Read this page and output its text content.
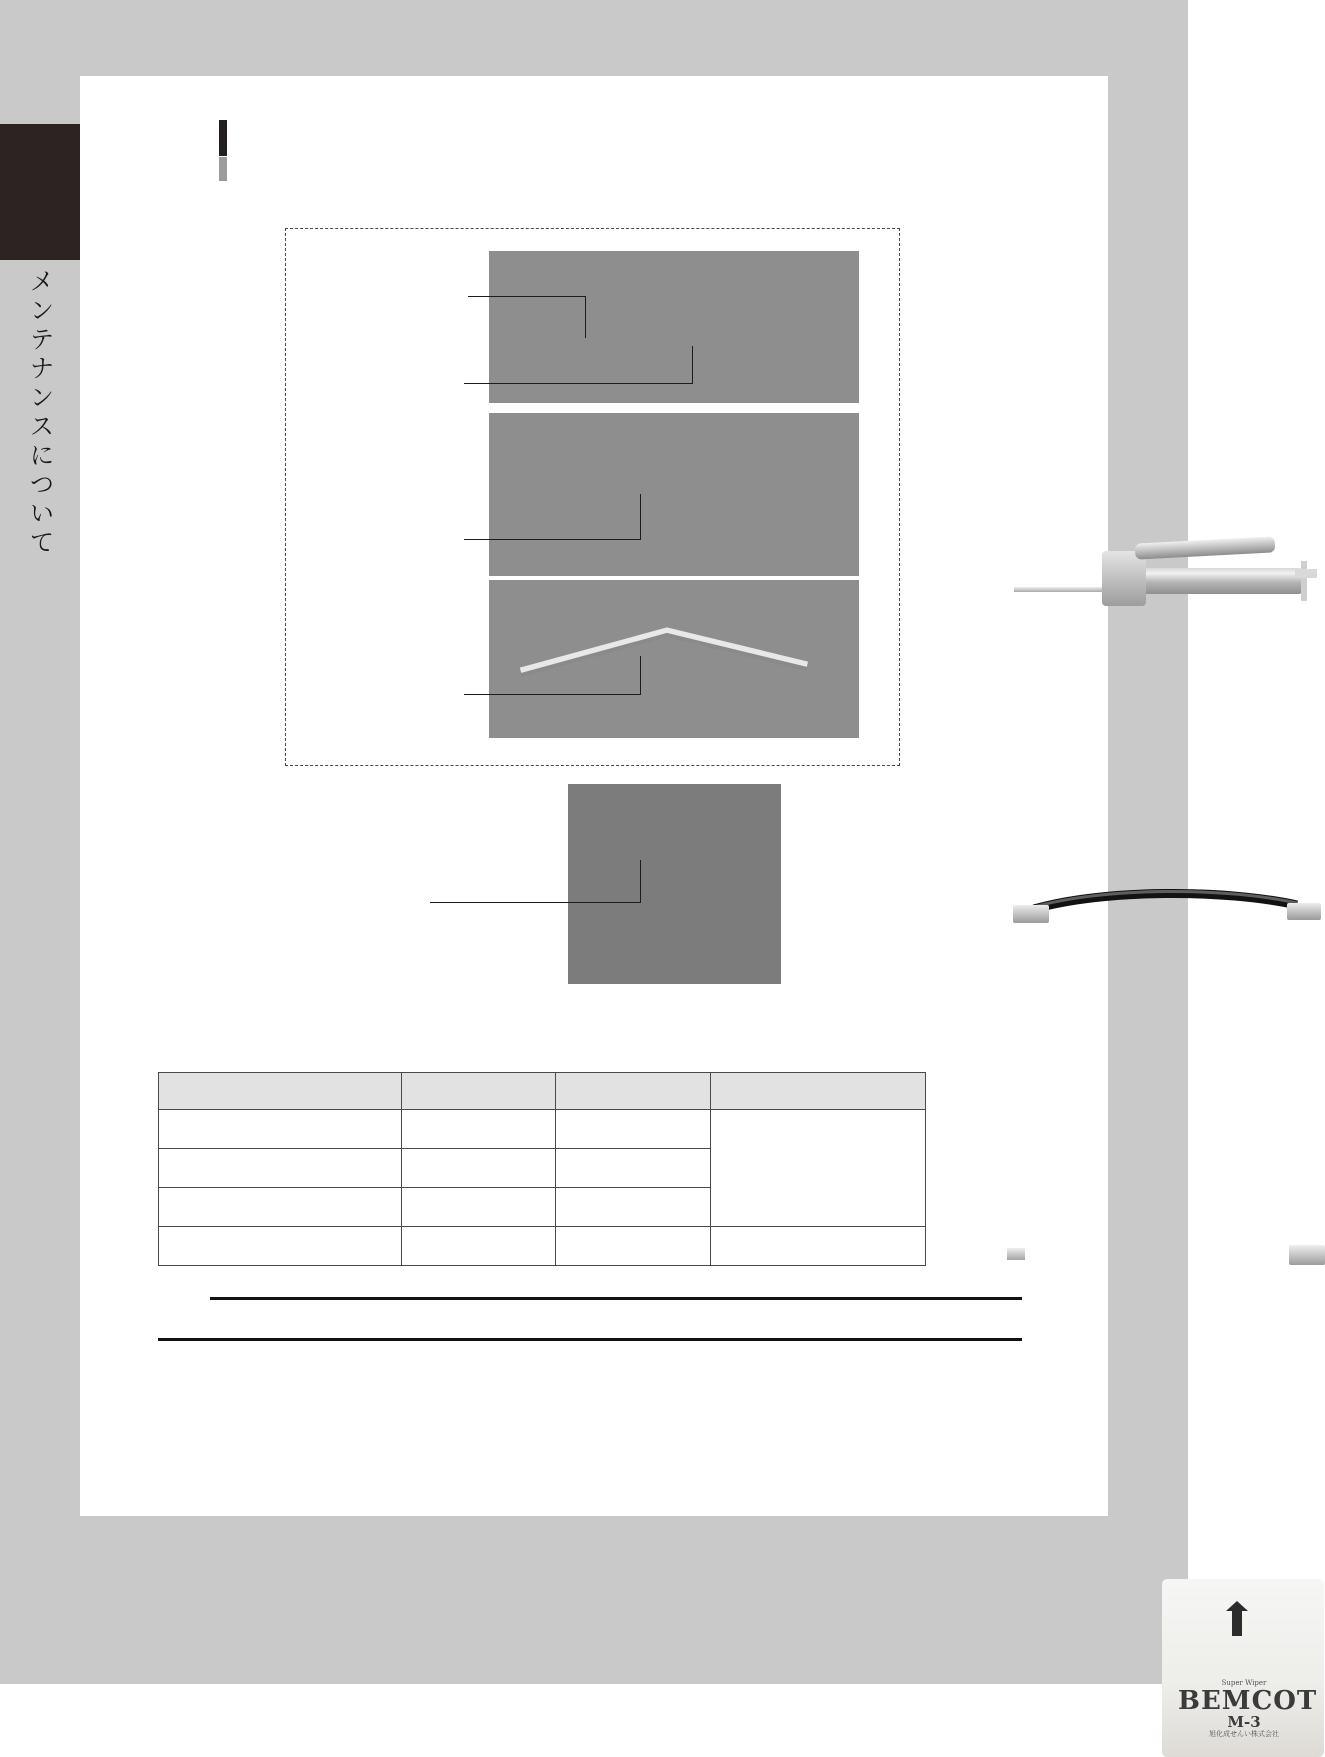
メンテナンスについて
Super Wiper
BEMCOT
M-3
旭化成せんい株式会社
